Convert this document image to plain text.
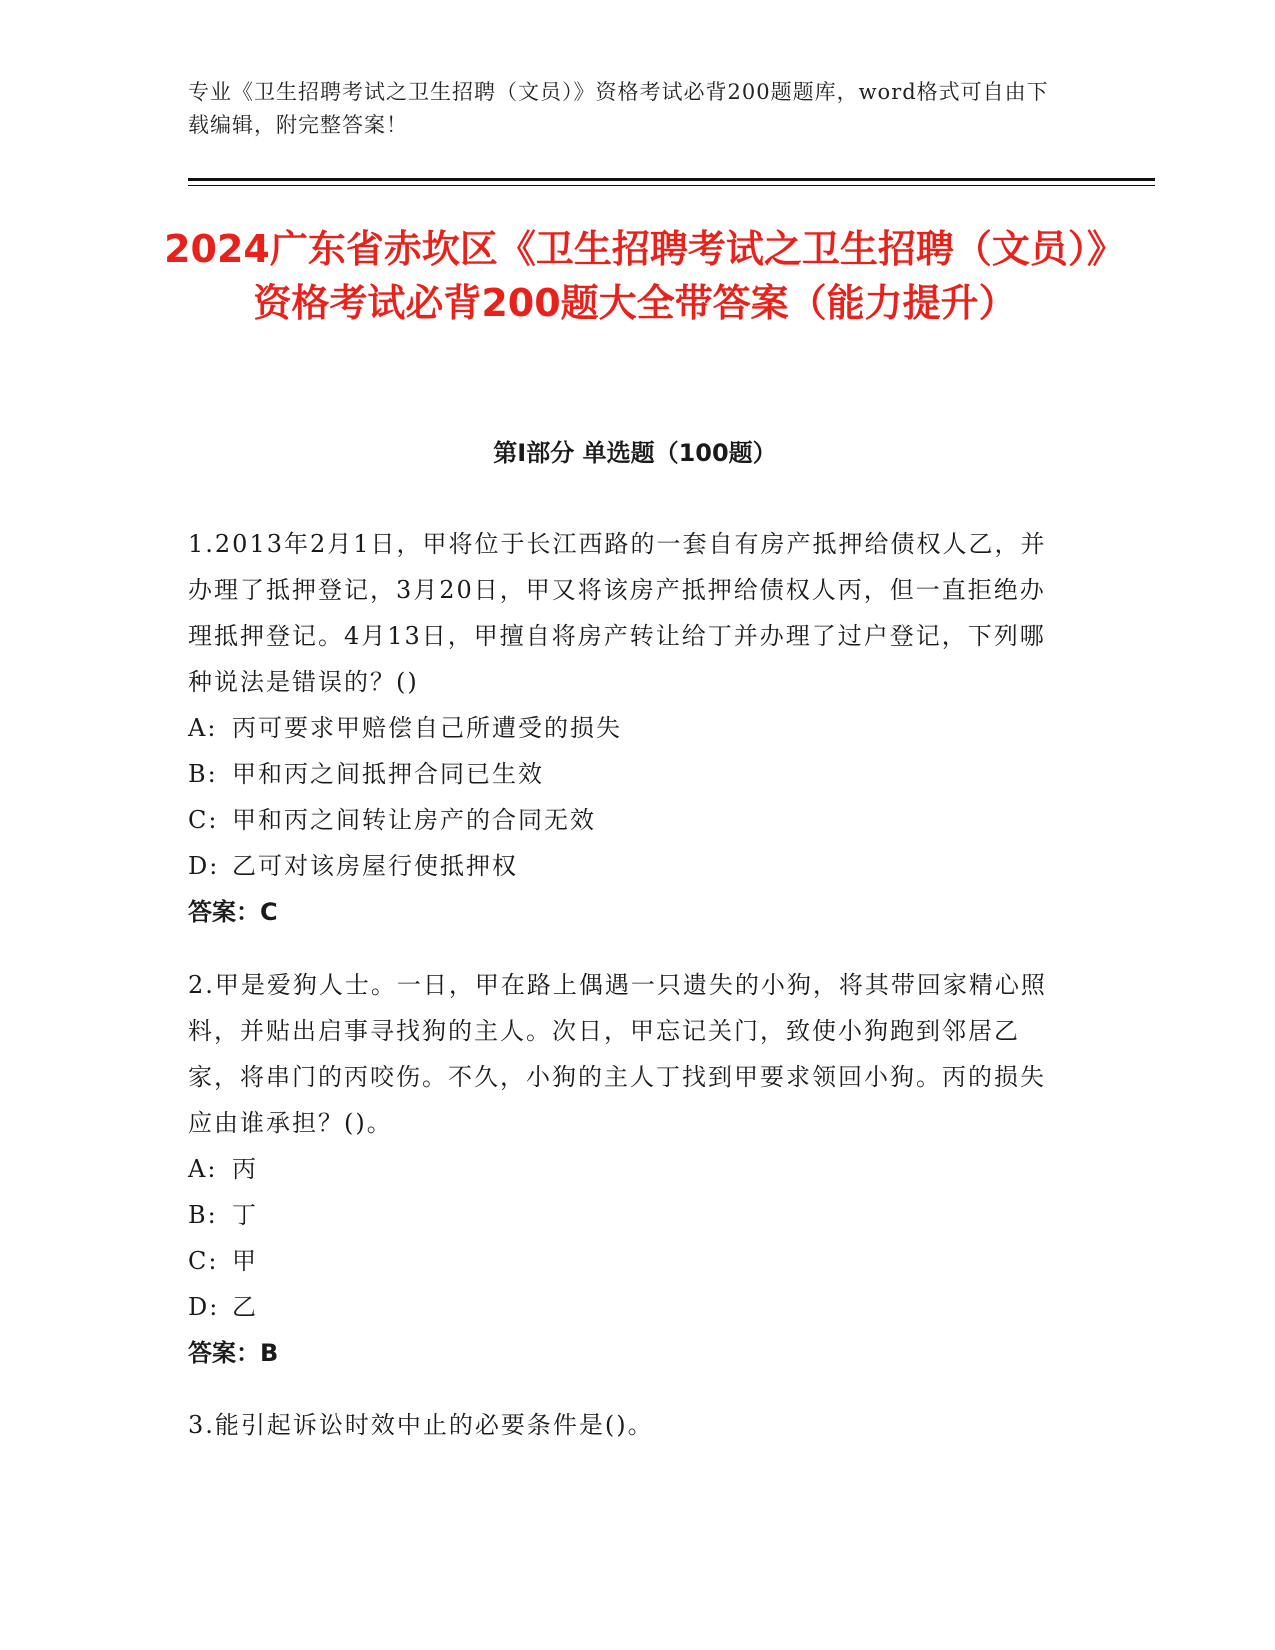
专业《卫生招聘考试之卫生招聘（文员）》资格考试必背200题题库，word格式可自由下载编辑，附完整答案！
2024广东省赤坎区《卫生招聘考试之卫生招聘（文员）》资格考试必背200题大全带答案（能力提升）
第Ⅰ部分 单选题（100题）

1.2013年2月1日，甲将位于长江西路的一套自有房产抵押给债权人乙，并办理了抵押登记，3月20日，甲又将该房产抵押给债权人丙，但一直拒绝办理抵押登记。4月13日，甲擅自将房产转让给丁并办理了过户登记，下列哪种说法是错误的？()

A: 丙可要求甲赔偿自己所遭受的损失

B: 甲和丙之间抵押合同已生效

C: 甲和丙之间转让房产的合同无效

D: 乙可对该房屋行使抵押权

答案：C

2.甲是爱狗人士。一日，甲在路上偶遇一只遗失的小狗，将其带回家精心照料，并贴出启事寻找狗的主人。次日，甲忘记关门，致使小狗跑到邻居乙家，将串门的丙咬伤。不久，小狗的主人丁找到甲要求领回小狗。丙的损失应由谁承担？()。

A: 丙

B: 丁

C: 甲

D: 乙

答案：B

3.能引起诉讼时效中止的必要条件是()。
